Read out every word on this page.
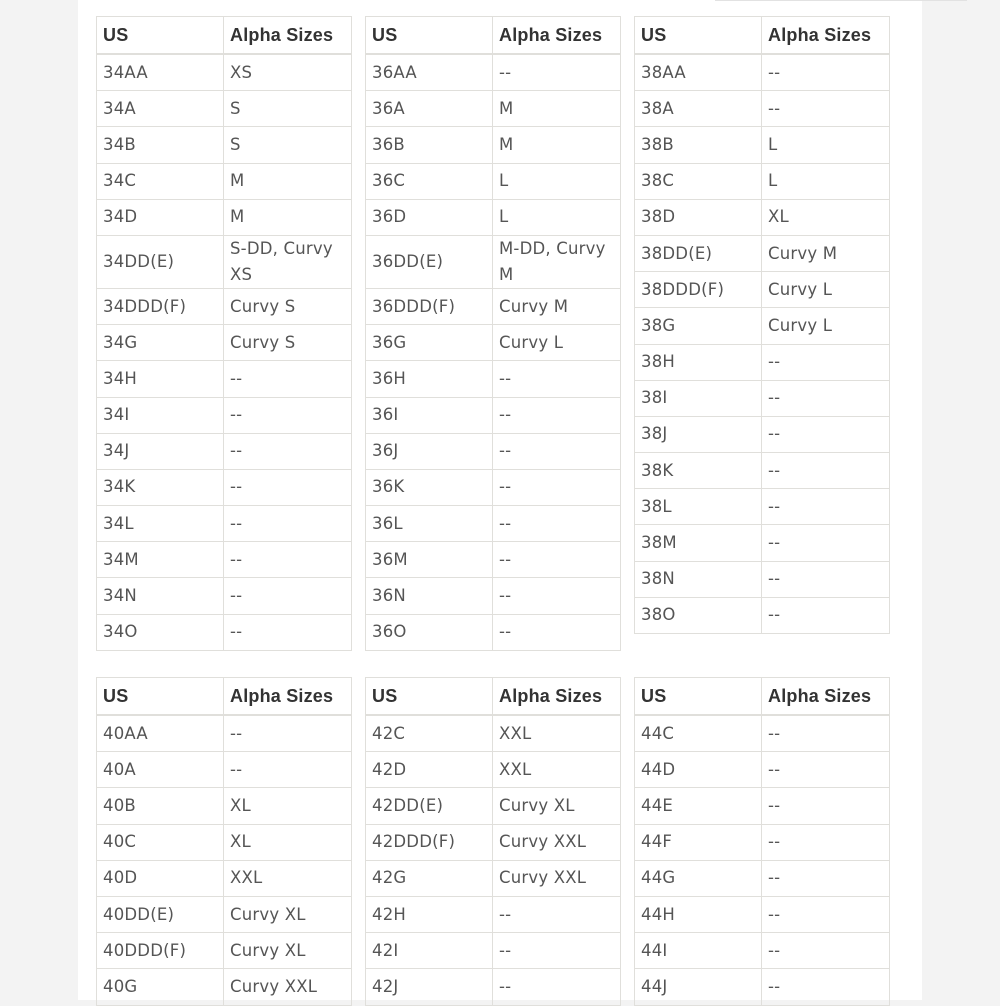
US	Alpha Sizes
34AA	XS
34A	S
34B	S
34C	M
34D	M
34DD(E)	S-DD, Curvy XS
34DDD(F)	Curvy S
34G	Curvy S
34H	--
34I	--
34J	--
34K	--
34L	--
34M	--
34N	--
34O	--
US	Alpha Sizes
36AA	--
36A	M
36B	M
36C	L
36D	L
36DD(E)	M-DD, Curvy M
36DDD(F)	Curvy M
36G	Curvy L
36H	--
36I	--
36J	--
36K	--
36L	--
36M	--
36N	--
36O	--
US	Alpha Sizes
38AA	--
38A	--
38B	L
38C	L
38D	XL
38DD(E)	Curvy M
38DDD(F)	Curvy L
38G	Curvy L
38H	--
38I	--
38J	--
38K	--
38L	--
38M	--
38N	--
38O	--
US	Alpha Sizes
40AA	--
40A	--
40B	XL
40C	XL
40D	XXL
40DD(E)	Curvy XL
40DDD(F)	Curvy XL
40G	Curvy XXL
US	Alpha Sizes
42C	XXL
42D	XXL
42DD(E)	Curvy XL
42DDD(F)	Curvy XXL
42G	Curvy XXL
42H	--
42I	--
42J	--
US	Alpha Sizes
44C	--
44D	--
44E	--
44F	--
44G	--
44H	--
44I	--
44J	--
